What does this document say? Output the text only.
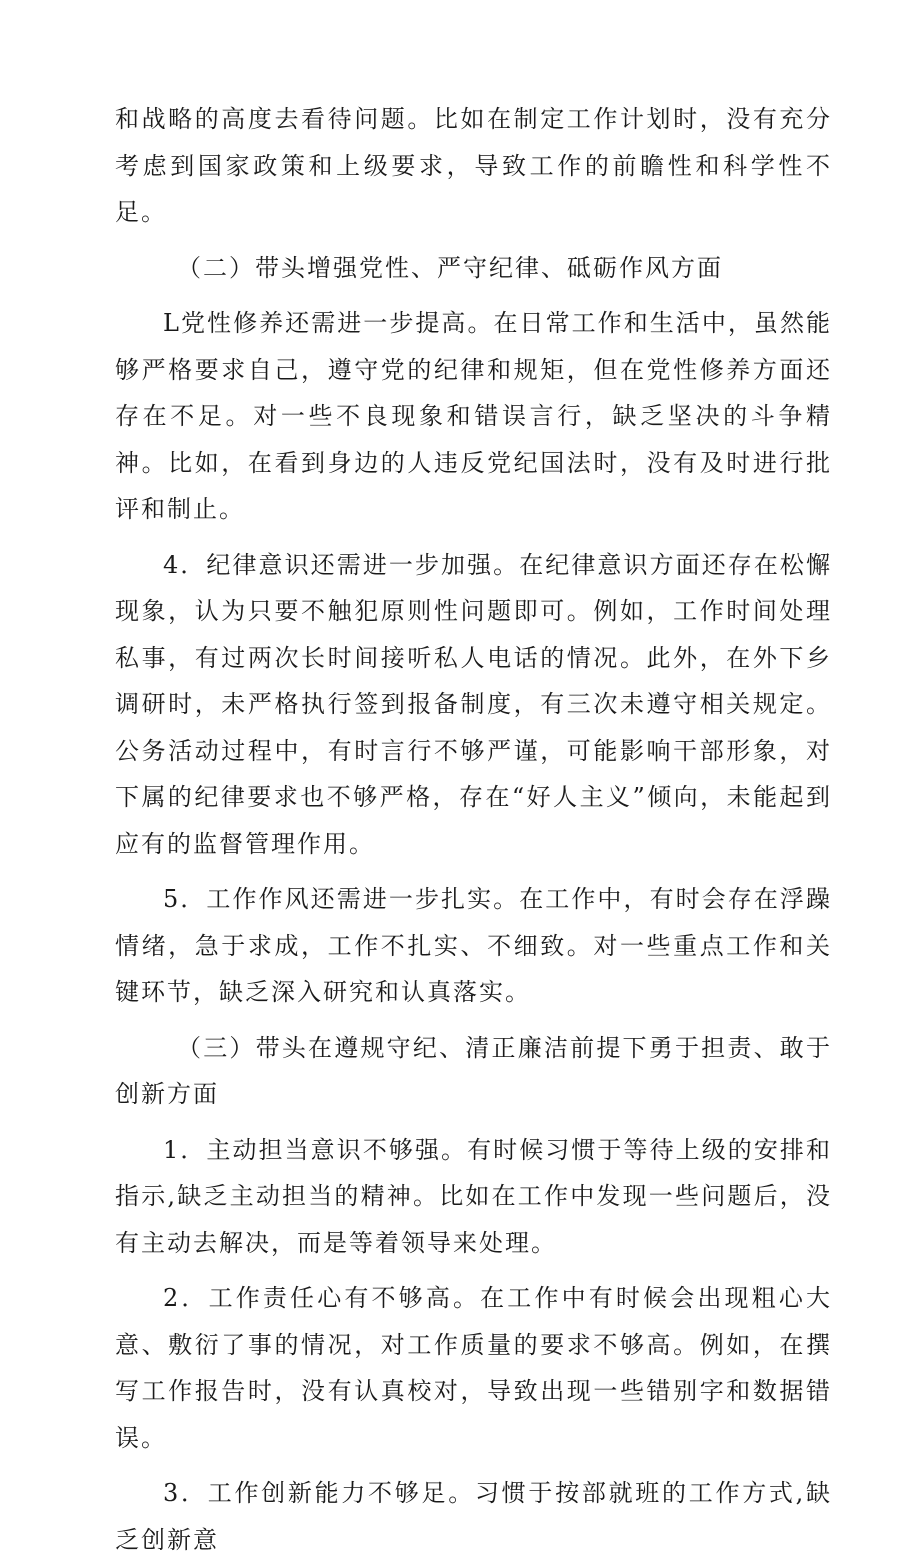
和战略的高度去看待问题。比如在制定工作计划时，没有充分考虑到国家政策和上级要求，导致工作的前瞻性和科学性不足。

（二）带头增强党性、严守纪律、砥砺作风方面

L党性修养还需进一步提高。在日常工作和生活中，虽然能够严格要求自己，遵守党的纪律和规矩，但在党性修养方面还存在不足。对一些不良现象和错误言行，缺乏坚决的斗争精神。比如，在看到身边的人违反党纪国法时，没有及时进行批评和制止。

4．纪律意识还需进一步加强。在纪律意识方面还存在松懈现象，认为只要不触犯原则性问题即可。例如，工作时间处理私事，有过两次长时间接听私人电话的情况。此外，在外下乡调研时，未严格执行签到报备制度，有三次未遵守相关规定。公务活动过程中，有时言行不够严谨，可能影响干部形象，对下属的纪律要求也不够严格，存在“好人主义”倾向，未能起到应有的监督管理作用。

5．工作作风还需进一步扎实。在工作中，有时会存在浮躁情绪，急于求成，工作不扎实、不细致。对一些重点工作和关键环节，缺乏深入研究和认真落实。

（三）带头在遵规守纪、清正廉洁前提下勇于担责、敢于创新方面

1．主动担当意识不够强。有时候习惯于等待上级的安排和指示,缺乏主动担当的精神。比如在工作中发现一些问题后，没有主动去解决，而是等着领导来处理。

2．工作责任心有不够高。在工作中有时候会出现粗心大意、敷衍了事的情况，对工作质量的要求不够高。例如，在撰写工作报告时，没有认真校对，导致出现一些错别字和数据错误。

3．工作创新能力不够足。习惯于按部就班的工作方式,缺乏创新意
